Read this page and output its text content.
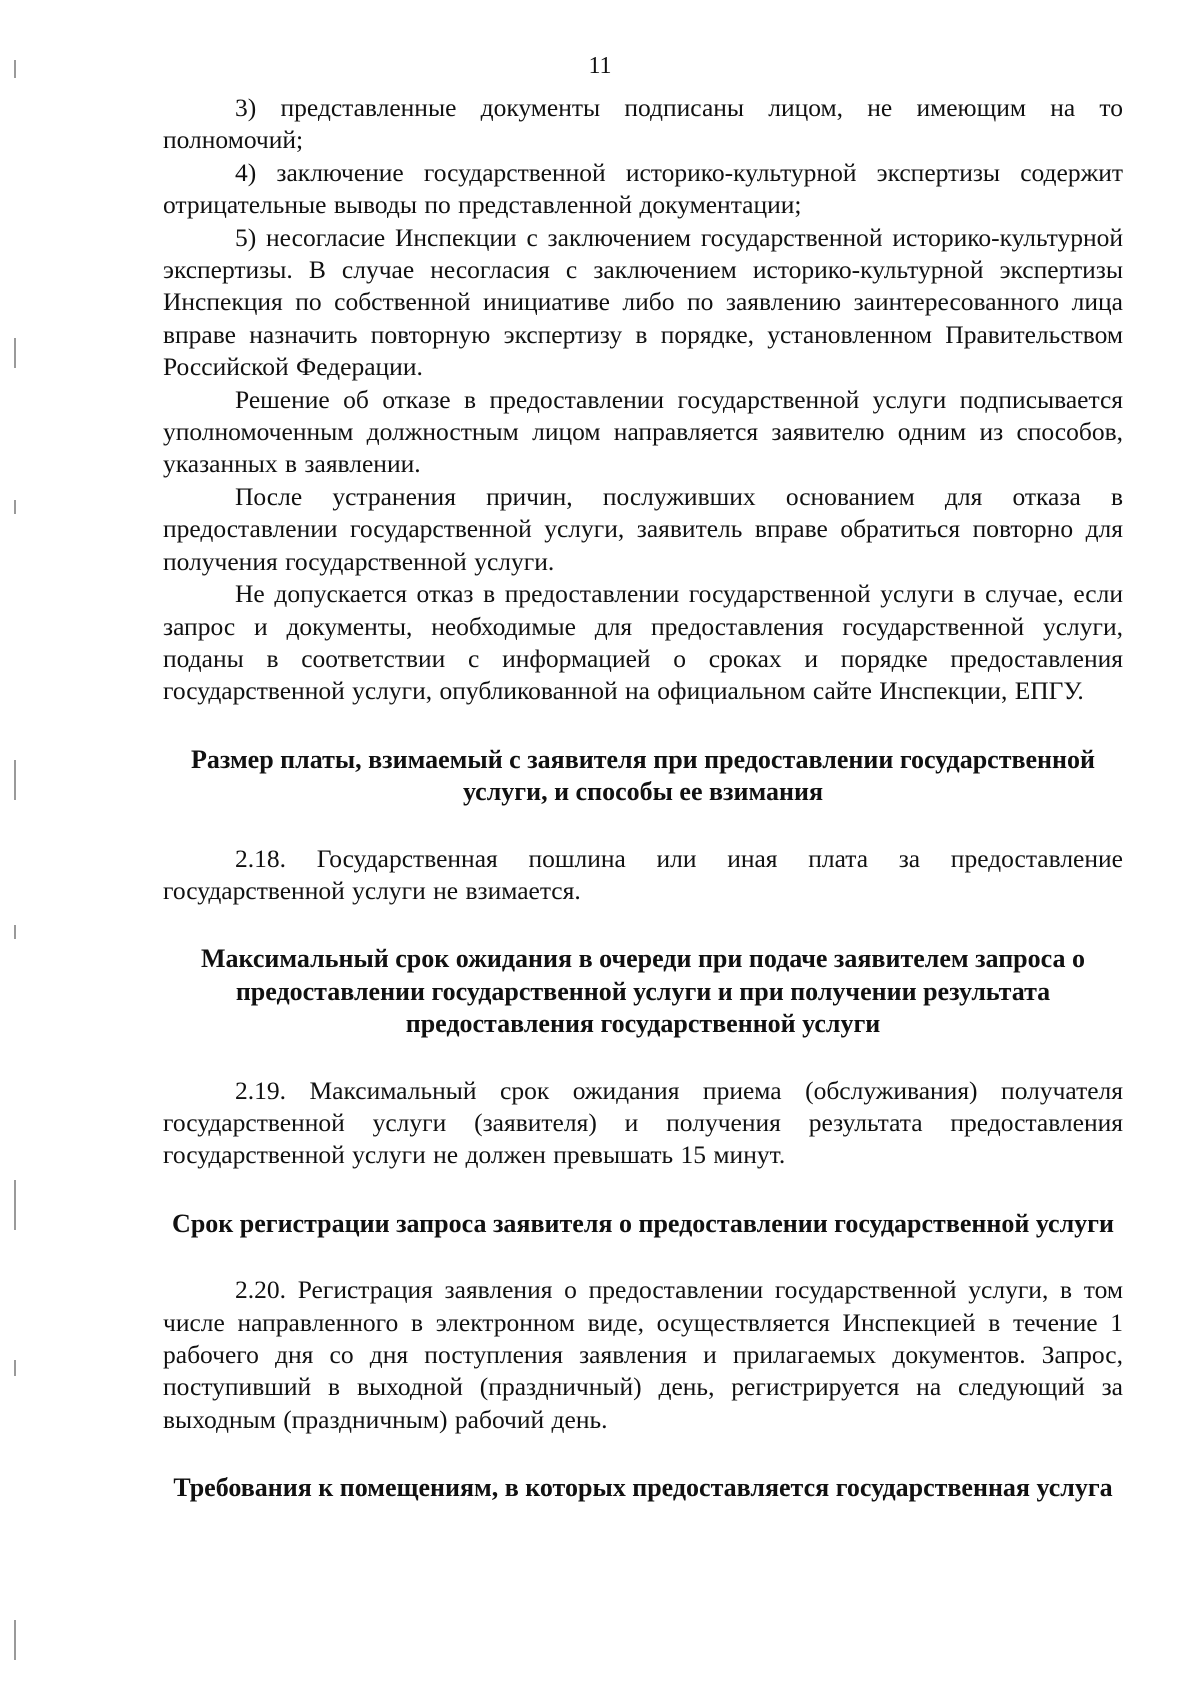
11

3) представленные документы подписаны лицом, не имеющим на то полномочий;

4) заключение государственной историко-культурной экспертизы содержит отрицательные выводы по представленной документации;

5) несогласие Инспекции с заключением государственной историко-культурной экспертизы. В случае несогласия с заключением историко-культурной экспертизы Инспекция по собственной инициативе либо по заявлению заинтересованного лица вправе назначить повторную экспертизу в порядке, установленном Правительством Российской Федерации.

Решение об отказе в предоставлении государственной услуги подписывается уполномоченным должностным лицом направляется заявителю одним из способов, указанных в заявлении.

После устранения причин, послуживших основанием для отказа в предоставлении государственной услуги, заявитель вправе обратиться повторно для получения государственной услуги.

Не допускается отказ в предоставлении государственной услуги в случае, если запрос и документы, необходимые для предоставления государственной услуги, поданы в соответствии с информацией о сроках и порядке предоставления государственной услуги, опубликованной на официальном сайте Инспекции, ЕПГУ.

Размер платы, взимаемый с заявителя при предоставлении государственной услуги, и способы ее взимания

2.18. Государственная пошлина или иная плата за предоставление государственной услуги не взимается.

Максимальный срок ожидания в очереди при подаче заявителем запроса о предоставлении государственной услуги и при получении результата предоставления государственной услуги

2.19. Максимальный срок ожидания приема (обслуживания) получателя государственной услуги (заявителя) и получения результата предоставления государственной услуги не должен превышать 15 минут.

Срок регистрации запроса заявителя о предоставлении государственной услуги

2.20. Регистрация заявления о предоставлении государственной услуги, в том числе направленного в электронном виде, осуществляется Инспекцией в течение 1 рабочего дня со дня поступления заявления и прилагаемых документов. Запрос, поступивший в выходной (праздничный) день, регистрируется на следующий за выходным (праздничным) рабочий день.

Требования к помещениям, в которых предоставляется государственная услуга
